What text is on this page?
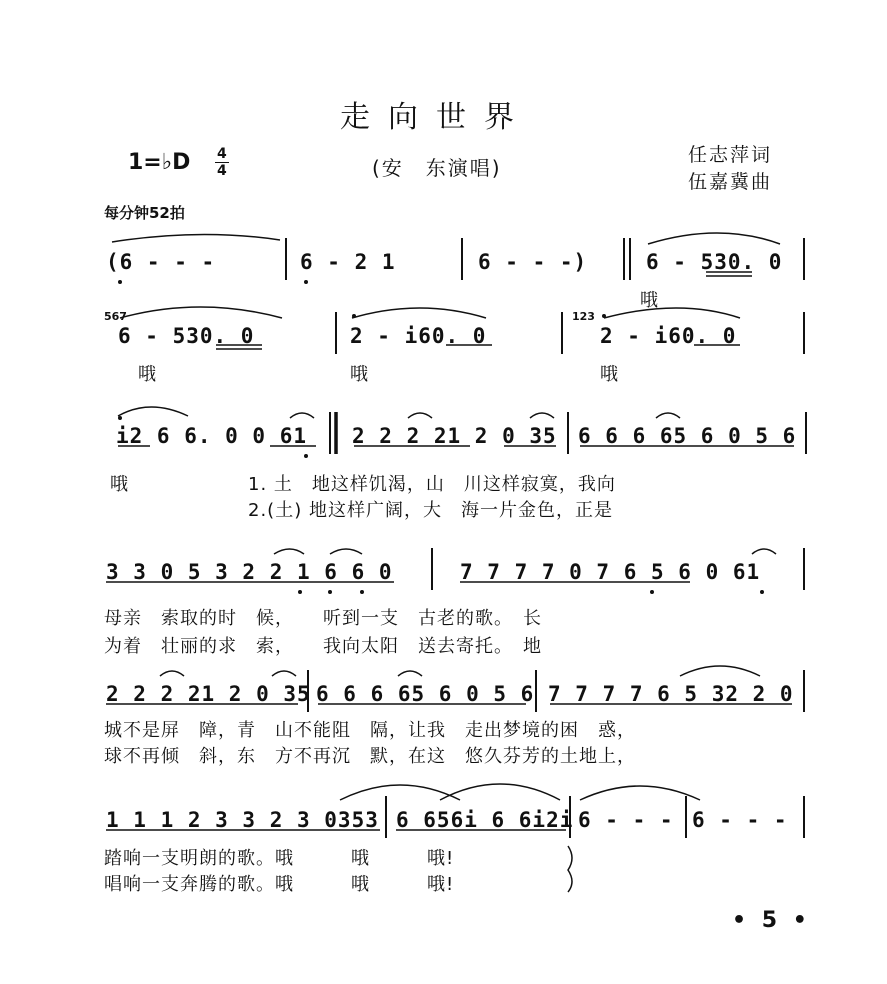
走向世界
1=♭D 4
4	(安　东演唱)
任志萍词
伍嘉冀曲
每分钟52拍
(6 - - -	6 - 2 1	6 - - -)	6 - 530. 0
哦
567
6 - 530. 0	2 - i60. 0
123
2 - i60. 0
哦	哦	哦
i2 6 6. 0 0 61 2 2 2 21 2 0 35 6 6 6 65 6 0 5 6
哦	1. 土　地这样饥渴，山　川这样寂寞，我向
2.(土) 地这样广阔，大　海一片金色，正是
3 3 0 5 3 2 2 1 6 6 0	7 7 7 7 0 7 6 5 6 0 61
母亲　索取的时　候，　　听到一支　古老的歌。　长
为着　壮丽的求　索，　　我向太阳　送去寄托。　地
2 2 2 21 2 0 35 6 6 6 65 6 0 5 6 7 7 7 7 6 5 32 2 0
城不是屏　障，青　山不能阻　隔，让我　走出梦境的困　惑，
球不再倾　斜，东　方不再沉　默，在这　悠久芬芳的土地上，
1 1 1 2 3 3 2 3 0353 6 656i 6 6i2i 6 - - - 6 - - -
踏响一支明朗的歌。哦　　　哦　　　哦!
唱响一支奔腾的歌。哦　　　哦　　　哦!
• 5 •
